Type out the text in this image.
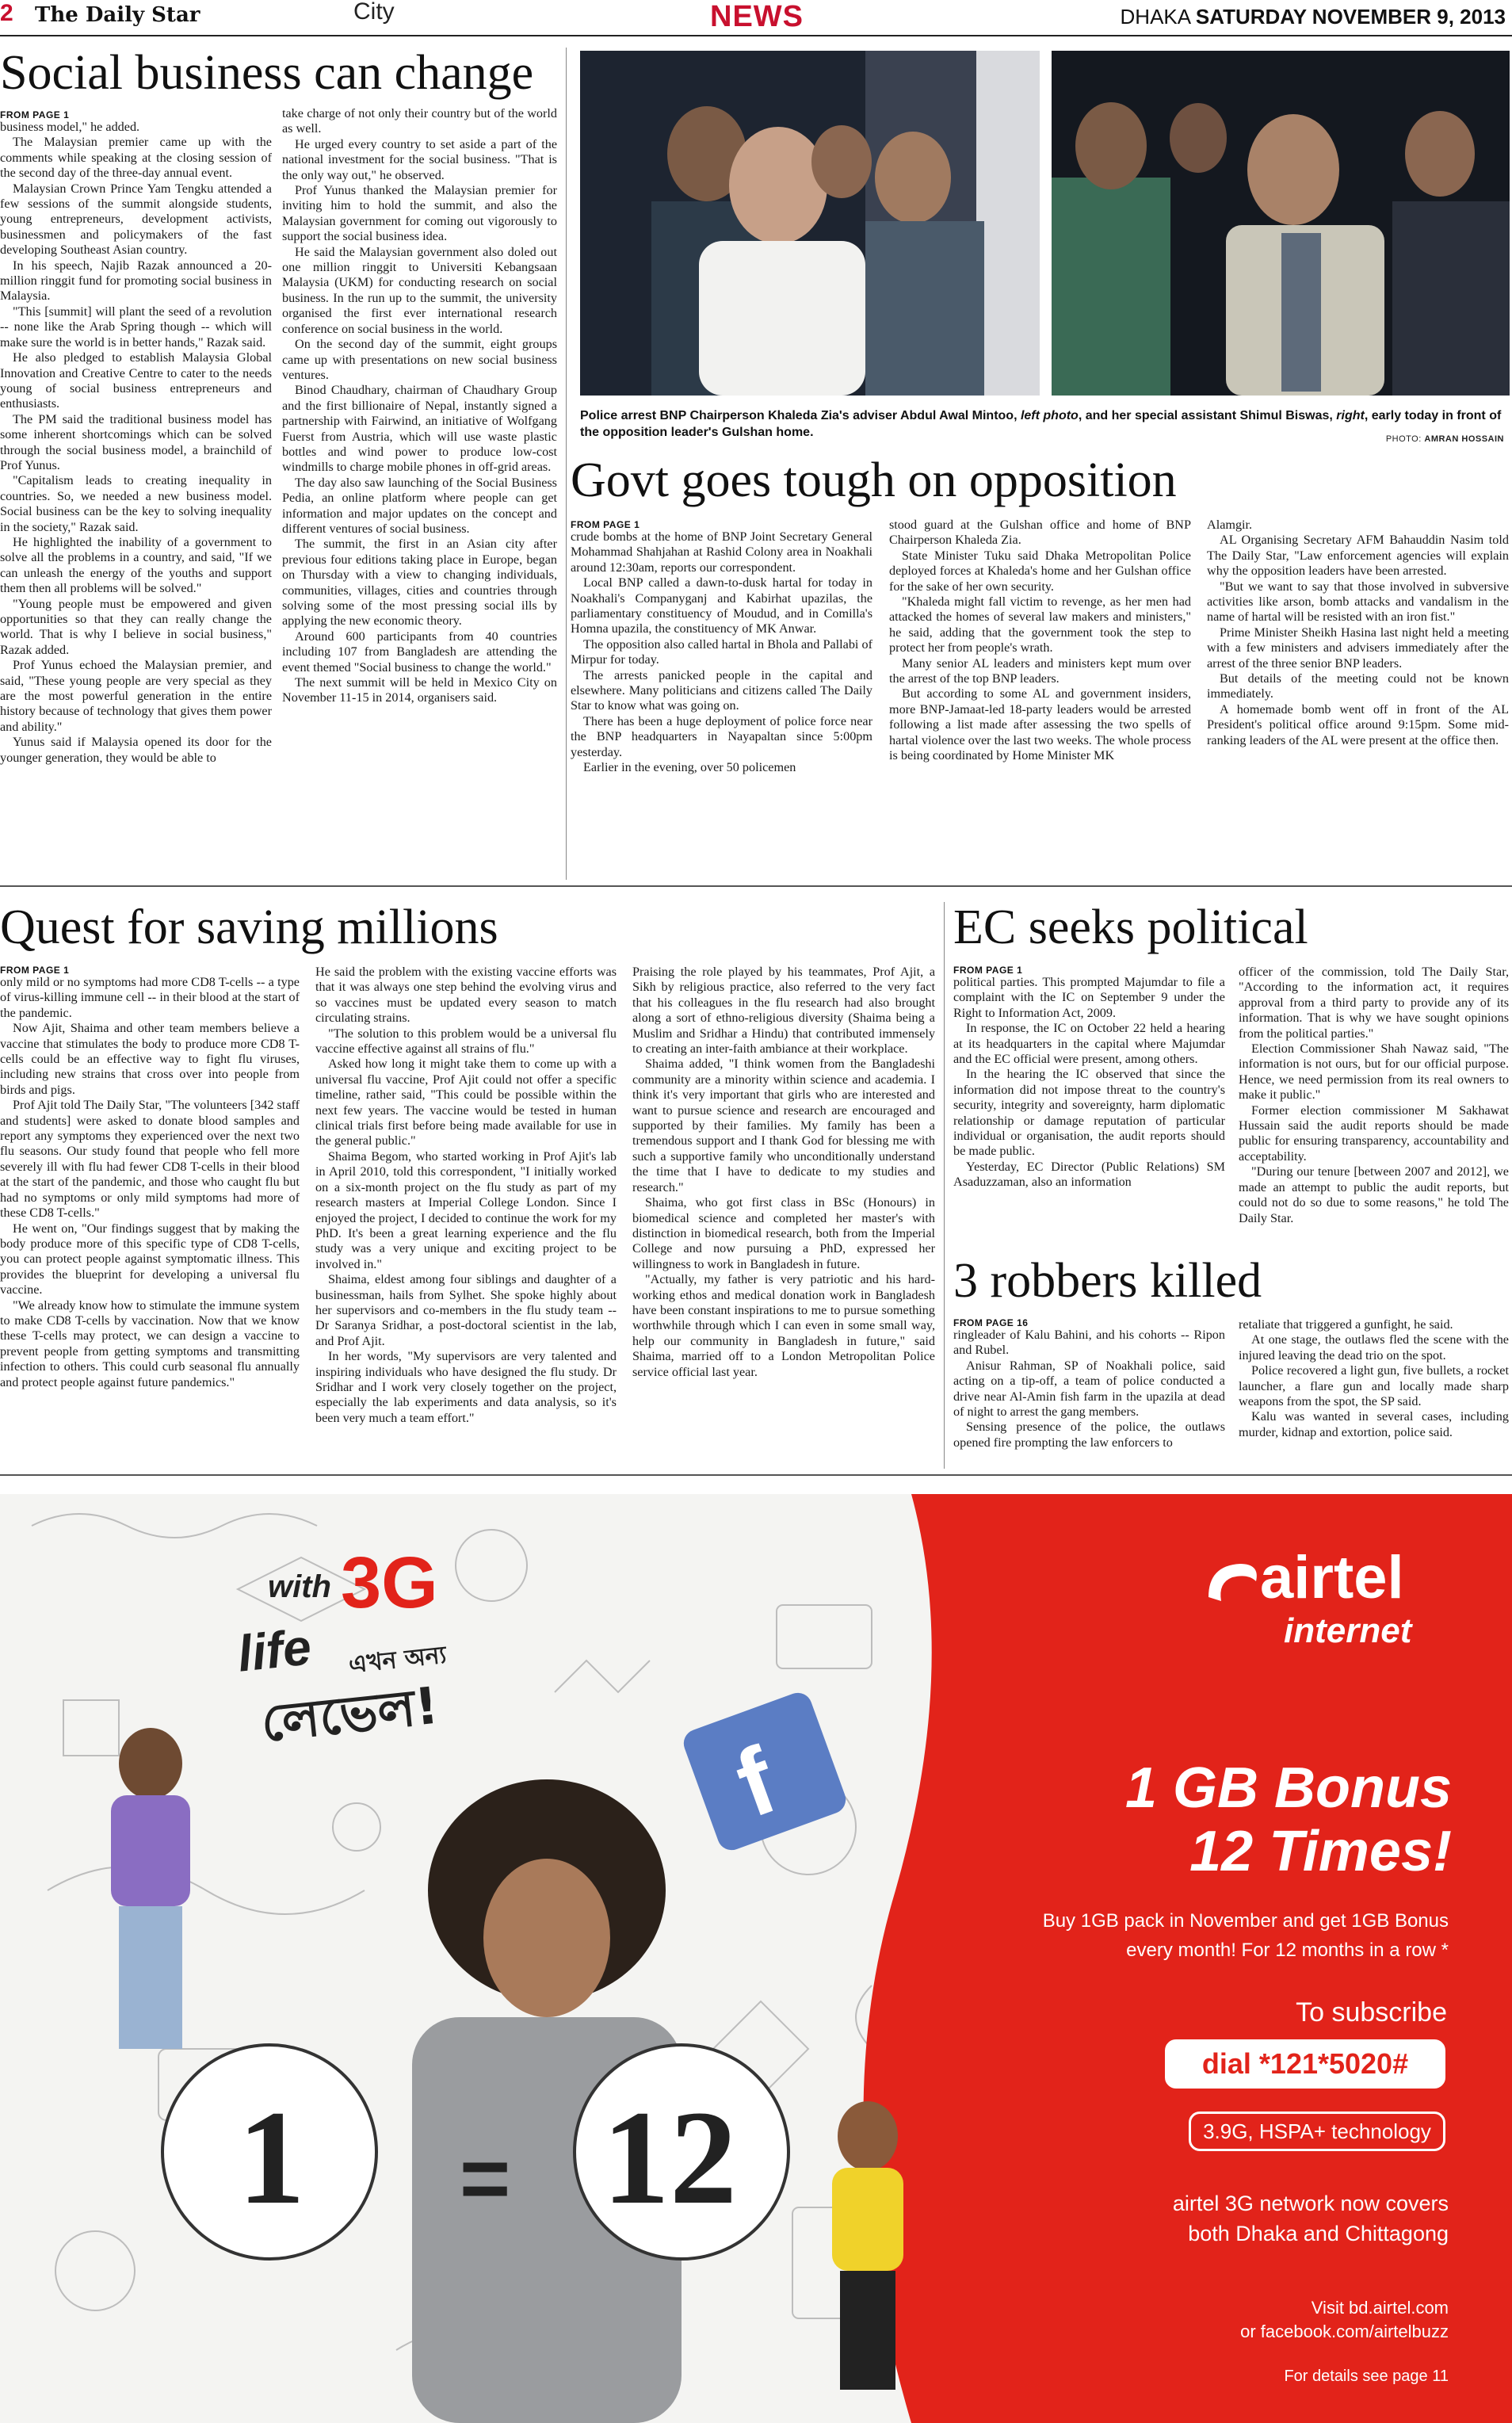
2 The Daily Star	City	NEWS	DHAKA SATURDAY NOVEMBER 9, 2013
Social business can change
FROM PAGE 1

business model," he added.

The Malaysian premier came up with the comments while speaking at the closing session of the second day of the three-day annual event.

Malaysian Crown Prince Yam Tengku attended a few sessions of the summit alongside students, young entrepreneurs, development activists, businessmen and policymakers of the fast developing Southeast Asian country.

In his speech, Najib Razak announced a 20-million ringgit fund for promoting social business in Malaysia.

"This [summit] will plant the seed of a revolution -- none like the Arab Spring though -- which will make sure the world is in better hands," Razak said.

He also pledged to establish Malaysia Global Innovation and Creative Centre to cater to the needs young of social business entrepreneurs and enthusiasts.

The PM said the traditional business model has some inherent shortcomings which can be solved through the social business model, a brainchild of Prof Yunus.

"Capitalism leads to creating inequality in countries. So, we needed a new business model. Social business can be the key to solving inequality in the society," Razak said.

He highlighted the inability of a government to solve all the problems in a country, and said, "If we can unleash the energy of the youths and support them then all problems will be solved."

"Young people must be empowered and given opportunities so that they can really change the world. That is why I believe in social business," Razak added.

Prof Yunus echoed the Malaysian premier, and said, "These young people are very special as they are the most powerful generation in the entire history because of technology that gives them power and ability."

Yunus said if Malaysia opened its door for the younger generation, they would be able to

take charge of not only their country but of the world as well.

He urged every country to set aside a part of the national investment for the social business. "That is the only way out," he observed.

Prof Yunus thanked the Malaysian premier for inviting him to hold the summit, and also the Malaysian government for coming out vigorously to support the social business idea.

He said the Malaysian government also doled out one million ringgit to Universiti Kebangsaan Malaysia (UKM) for conducting research on social business. In the run up to the summit, the university organised the first ever international research conference on social business in the world.

On the second day of the summit, eight groups came up with presentations on new social business ventures.

Binod Chaudhary, chairman of Chaudhary Group and the first billionaire of Nepal, instantly signed a partnership with Fairwind, an initiative of Wolfgang Fuerst from Austria, which will use waste plastic bottles and wind power to produce low-cost windmills to charge mobile phones in off-grid areas.

The day also saw launching of the Social Business Pedia, an online platform where people can get information and major updates on the concept and different ventures of social business.

The summit, the first in an Asian city after previous four editions taking place in Europe, began on Thursday with a view to changing individuals, communities, villages, cities and countries through solving some of the most pressing social ills by applying the new economic theory.

Around 600 participants from 40 countries including 107 from Bangladesh are attending the event themed "Social business to change the world."

The next summit will be held in Mexico City on November 11-15 in 2014, organisers said.

Police arrest BNP Chairperson Khaleda Zia's adviser Abdul Awal Mintoo, left photo, and her special assistant Shimul Biswas, right, early today in front of the opposition leader's Gulshan home.	PHOTO: AMRAN HOSSAIN
Govt goes tough on opposition
FROM PAGE 1

crude bombs at the home of BNP Joint Secretary General Mohammad Shahjahan at Rashid Colony area in Noakhali around 12:30am, reports our correspondent.

Local BNP called a dawn-to-dusk hartal for today in Noakhali's Companyganj and Kabirhat upazilas, the parliamentary constituency of Moudud, and in Comilla's Homna upazila, the constituency of MK Anwar.

The opposition also called hartal in Bhola and Pallabi of Mirpur for today.

The arrests panicked people in the capital and elsewhere. Many politicians and citizens called The Daily Star to know what was going on.

There has been a huge deployment of police force near the BNP headquarters in Nayapaltan since 5:00pm yesterday.

Earlier in the evening, over 50 policemen

stood guard at the Gulshan office and home of BNP Chairperson Khaleda Zia.

State Minister Tuku said Dhaka Metropolitan Police deployed forces at Khaleda's home and her Gulshan office for the sake of her own security.

"Khaleda might fall victim to revenge, as her men had attacked the homes of several law makers and ministers," he said, adding that the government took the step to protect her from people's wrath.

Many senior AL leaders and ministers kept mum over the arrest of the top BNP leaders.

But according to some AL and government insiders, more BNP-Jamaat-led 18-party leaders would be arrested following a list made after assessing the two spells of hartal violence over the last two weeks. The whole process is being coordinated by Home Minister MK

Alamgir.

AL Organising Secretary AFM Bahauddin Nasim told The Daily Star, "Law enforcement agencies will explain why the opposition leaders have been arrested.

"But we want to say that those involved in subversive activities like arson, bomb attacks and vandalism in the name of hartal will be resisted with an iron fist."

Prime Minister Sheikh Hasina last night held a meeting with a few ministers and advisers immediately after the arrest of the three senior BNP leaders.

But details of the meeting could not be known immediately.

A homemade bomb went off in front of the AL President's political office around 9:15pm. Some mid-ranking leaders of the AL were present at the office then.

Quest for saving millions
FROM PAGE 1

only mild or no symptoms had more CD8 T-cells -- a type of virus-killing immune cell -- in their blood at the start of the pandemic.

Now Ajit, Shaima and other team members believe a vaccine that stimulates the body to produce more CD8 T-cells could be an effective way to fight flu viruses, including new strains that cross over into people from birds and pigs.

Prof Ajit told The Daily Star, "The volunteers [342 staff and students] were asked to donate blood samples and report any symptoms they experienced over the next two flu seasons. Our study found that people who fell more severely ill with flu had fewer CD8 T-cells in their blood at the start of the pandemic, and those who caught flu but had no symptoms or only mild symptoms had more of these CD8 T-cells."

He went on, "Our findings suggest that by making the body produce more of this specific type of CD8 T-cells, you can protect people against symptomatic illness. This provides the blueprint for developing a universal flu vaccine.

"We already know how to stimulate the immune system to make CD8 T-cells by vaccination. Now that we know these T-cells may protect, we can design a vaccine to prevent people from getting symptoms and transmitting infection to others. This could curb seasonal flu annually and protect people against future pandemics."

He said the problem with the existing vaccine efforts was that it was always one step behind the evolving virus and so vaccines must be updated every season to match circulating strains.

"The solution to this problem would be a universal flu vaccine effective against all strains of flu."

Asked how long it might take them to come up with a universal flu vaccine, Prof Ajit could not offer a specific timeline, rather said, "This could be possible within the next few years. The vaccine would be tested in human clinical trials first before being made available for use in the general public."

Shaima Begom, who started working in Prof Ajit's lab in April 2010, told this correspondent, "I initially worked on a six-month project on the flu study as part of my research masters at Imperial College London. Since I enjoyed the project, I decided to continue the work for my PhD. It's been a great learning experience and the flu study was a very unique and exciting project to be involved in."

Shaima, eldest among four siblings and daughter of a businessman, hails from Sylhet. She spoke highly about her supervisors and co-members in the flu study team -- Dr Saranya Sridhar, a post-doctoral scientist in the lab, and Prof Ajit.

In her words, "My supervisors are very talented and inspiring individuals who have designed the flu study. Dr Sridhar and I work very closely together on the project, especially the lab experiments and data analysis, so it's been very much a team effort."

Praising the role played by his teammates, Prof Ajit, a Sikh by religious practice, also referred to the very fact that his colleagues in the flu research had also brought along a sort of ethno-religious diversity (Shaima being a Muslim and Sridhar a Hindu) that contributed immensely to creating an inter-faith ambiance at their workplace.

Shaima added, "I think women from the Bangladeshi community are a minority within science and academia. I think it's very important that girls who are interested and want to pursue science and research are encouraged and supported by their families. My family has been a tremendous support and I thank God for blessing me with such a supportive family who unconditionally understand the time that I have to dedicate to my studies and research."

Shaima, who got first class in BSc (Honours) in biomedical science and completed her master's with distinction in biomedical research, both from the Imperial College and now pursuing a PhD, expressed her willingness to work in Bangladesh in future.

"Actually, my father is very patriotic and his hard-working ethos and medical donation work in Bangladesh have been constant inspirations to me to pursue something worthwhile through which I can even in some small way, help our community in Bangladesh in future," said Shaima, married off to a London Metropolitan Police service official last year.

EC seeks political
FROM PAGE 1

political parties. This prompted Majumdar to file a complaint with the IC on September 9 under the Right to Information Act, 2009.

In response, the IC on October 22 held a hearing at its headquarters in the capital where Majumdar and the EC official were present, among others.

In the hearing the IC observed that since the information did not impose threat to the country's security, integrity and sovereignty, harm diplomatic relationship or damage reputation of particular individual or organisation, the audit reports should be made public.

Yesterday, EC Director (Public Relations) SM Asaduzzaman, also an information

officer of the commission, told The Daily Star, "According to the information act, it requires approval from a third party to provide any of its information. That is why we have sought opinions from the political parties."

Election Commissioner Shah Nawaz said, "The information is not ours, but for our official purpose. Hence, we need permission from its real owners to make it public."

Former election commissioner M Sakhawat Hussain said the audit reports should be made public for ensuring transparency, accountability and acceptability.

"During our tenure [between 2007 and 2012], we made an attempt to public the audit reports, but could not do so due to some reasons," he told The Daily Star.

3 robbers killed
FROM PAGE 16

ringleader of Kalu Bahini, and his cohorts -- Ripon and Rubel.

Anisur Rahman, SP of Noakhali police, said acting on a tip-off, a team of police conducted a drive near Al-Amin fish farm in the upazila at dead of night to arrest the gang members.

Sensing presence of the police, the outlaws opened fire prompting the law enforcers to

retaliate that triggered a gunfight, he said.

At one stage, the outlaws fled the scene with the injured leaving the dead trio on the spot.

Police recovered a light gun, five bullets, a rocket launcher, a flare gun and locally made sharp weapons from the spot, the SP said.

Kalu was wanted in several cases, including murder, kidnap and extortion, police said.

f
with 3G
life এখন অন্য
লেভেল!
1 = 12
airtel
internet
1 GB Bonus
12 Times!
Buy 1GB pack in November and get 1GB Bonus
every month! For 12 months in a row *
To subscribe
dial *121*5020#
3.9G, HSPA+ technology
airtel 3G network now covers
both Dhaka and Chittagong
Visit bd.airtel.com
or facebook.com/airtelbuzz
For details see page 11
